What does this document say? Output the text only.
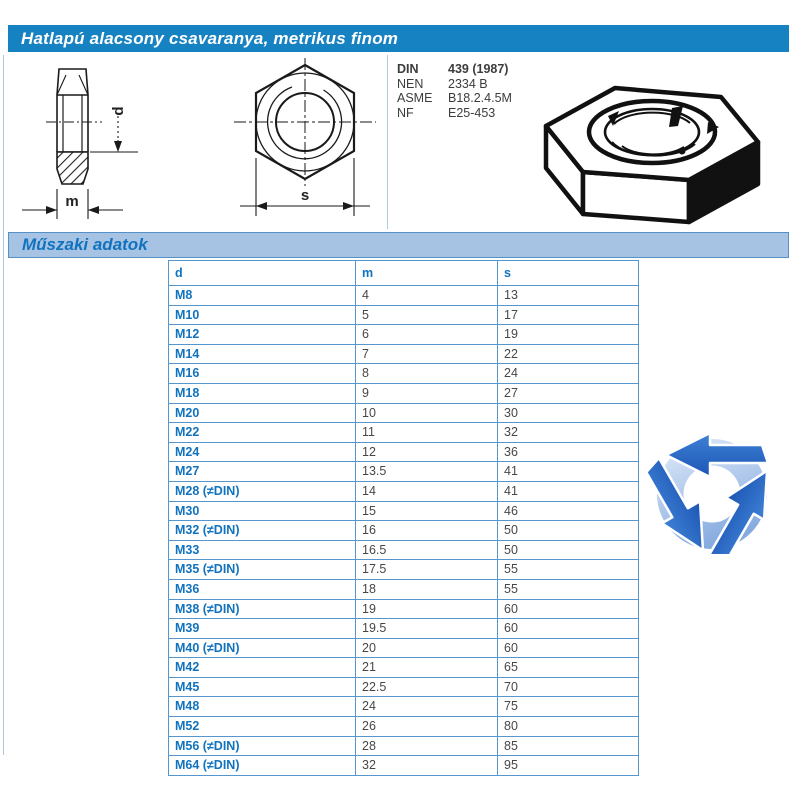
Hatlapú alacsony csavaranya, metrikus finom
d
m	s
DIN	439 (1987)
NEN	2334 B
ASME	B18.2.4.5M
NF	E25-453
Műszaki adatok
d	m	s
M8	4	13
M10	5	17
M12	6	19
M14	7	22
M16	8	24
M18	9	27
M20	10	30
M22	11	32
M24	12	36
M27	13.5	41
M28 (≠DIN)	14	41
M30	15	46
M32 (≠DIN)	16	50
M33	16.5	50
M35 (≠DIN)	17.5	55
M36	18	55
M38 (≠DIN)	19	60
M39	19.5	60
M40 (≠DIN)	20	60
M42	21	65
M45	22.5	70
M48	24	75
M52	26	80
M56 (≠DIN)	28	85
M64 (≠DIN)	32	95
